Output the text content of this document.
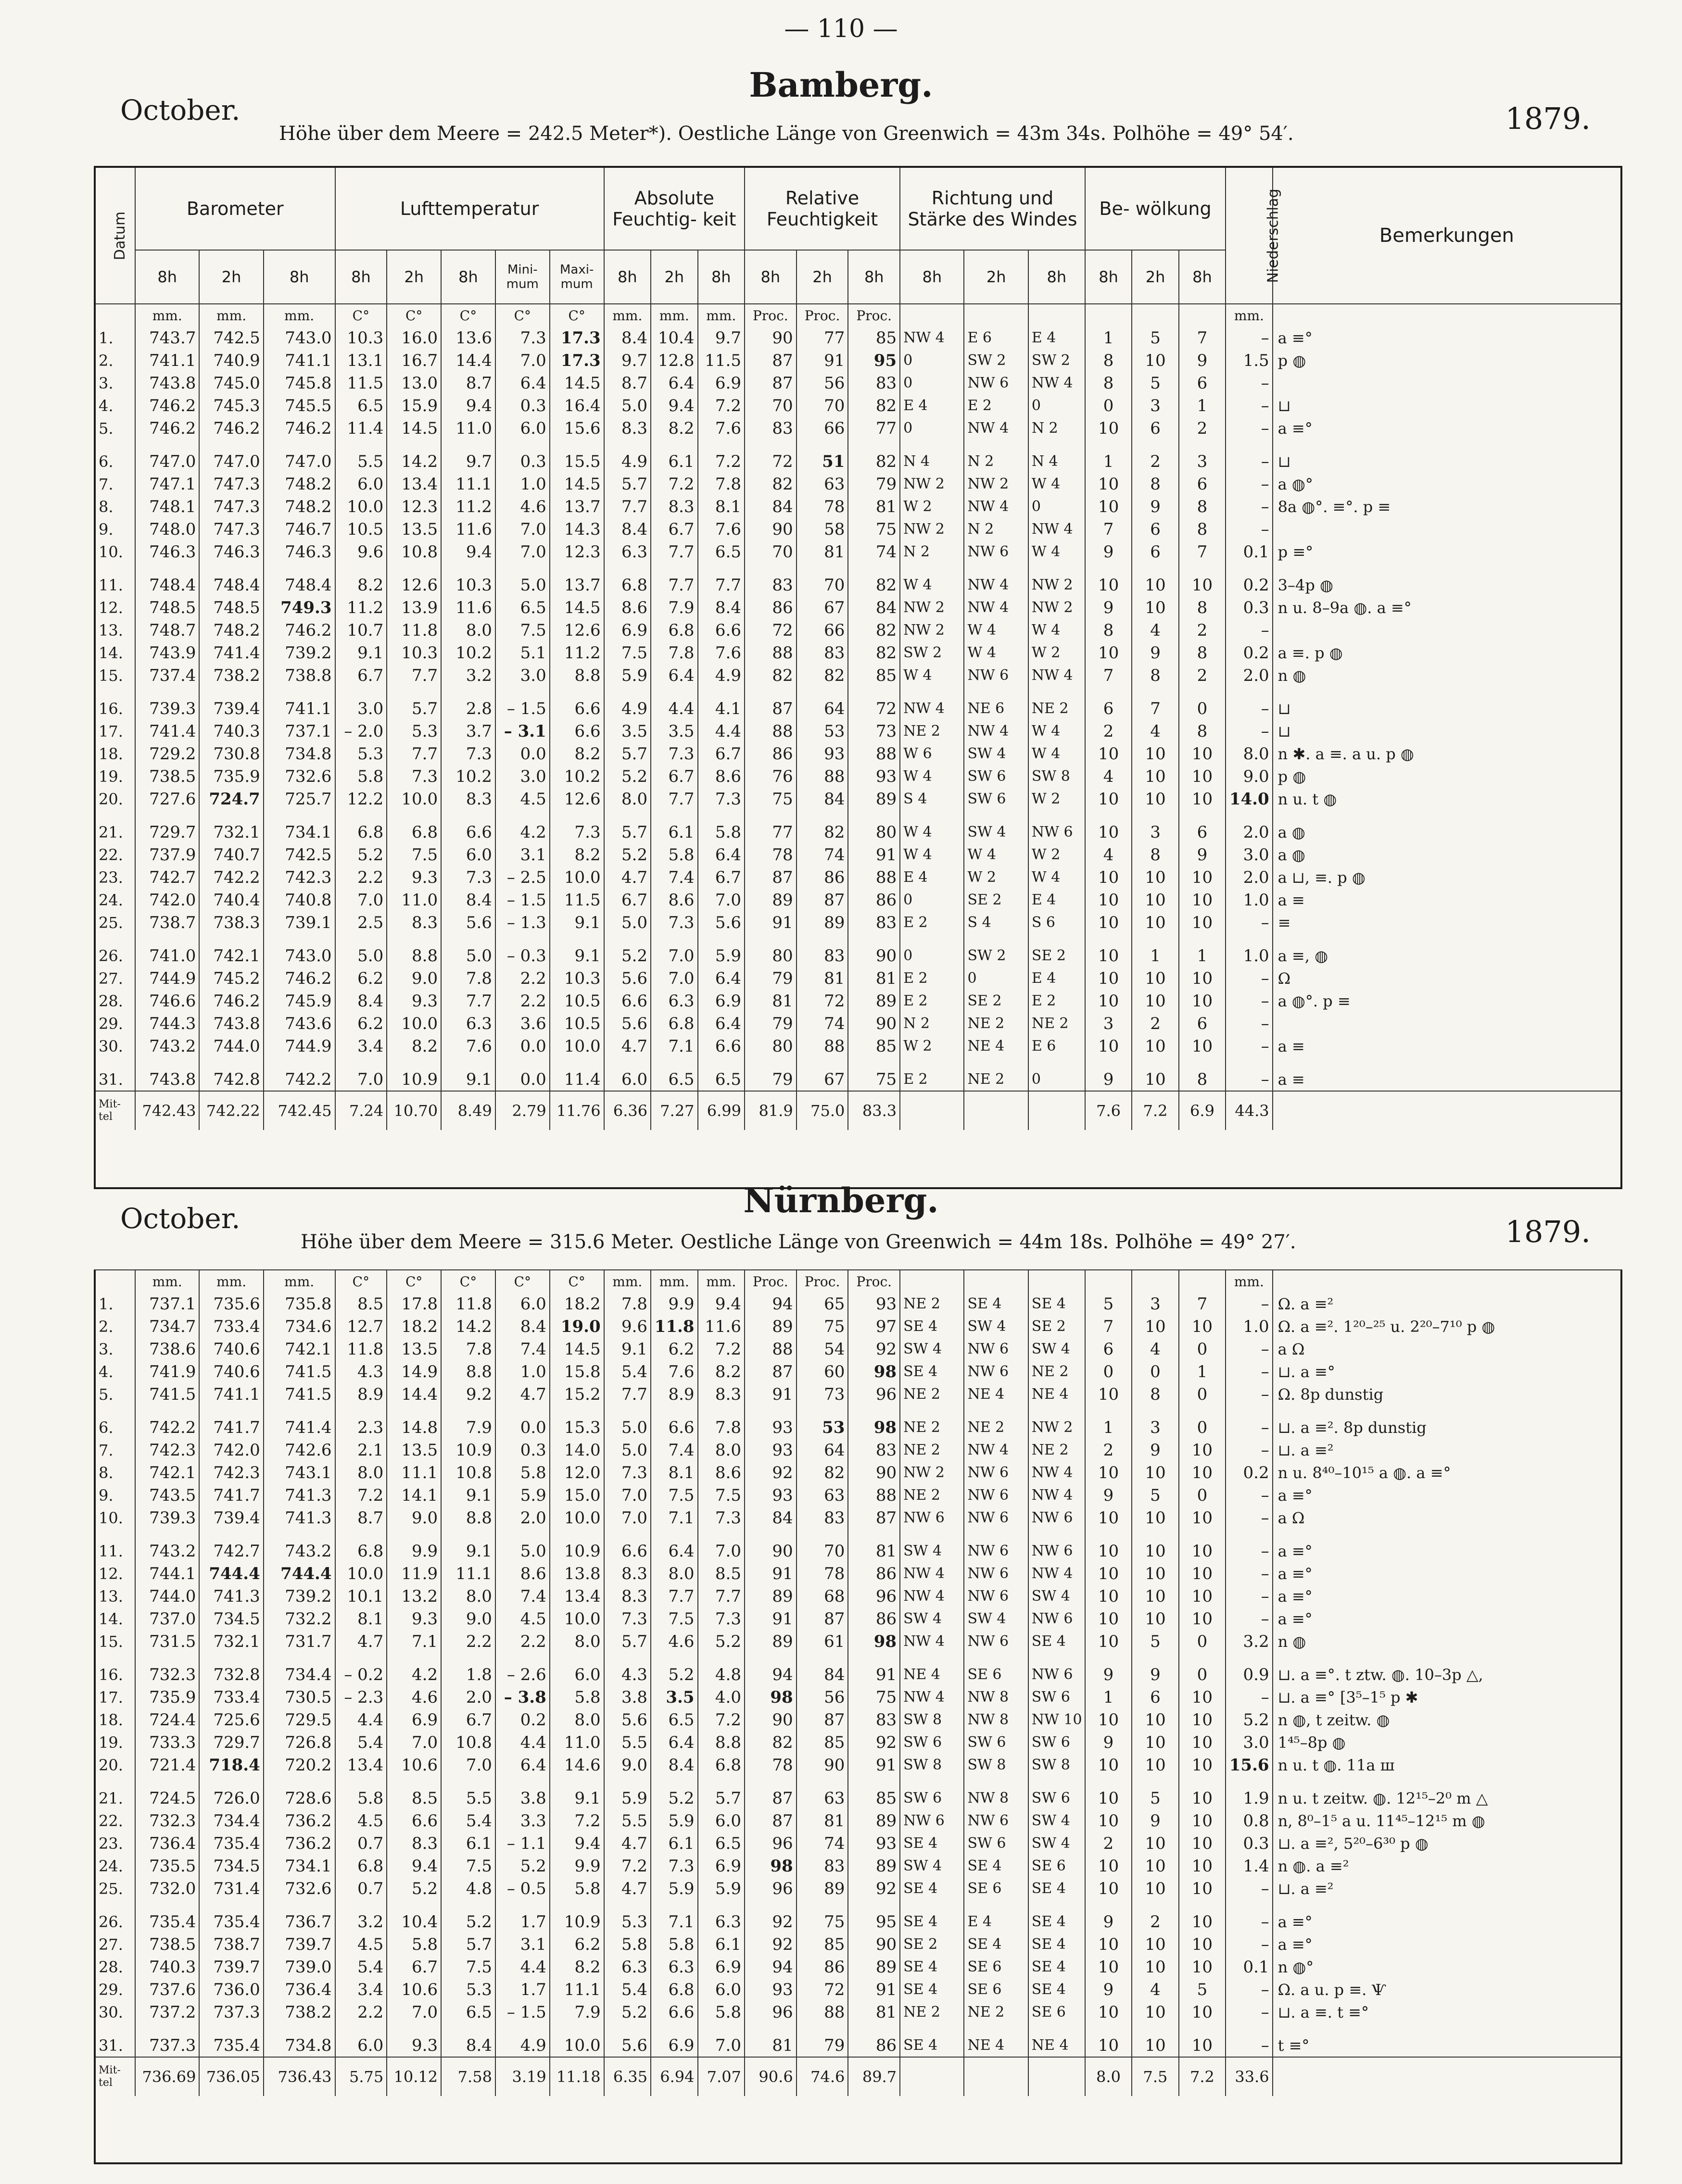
— 110 —
Bamberg.
October.	1879.
Höhe über dem Meere = 242.5 Meter*). Oestliche Länge von Greenwich = 43m 34s. Polhöhe = 49° 54′.
Datum	Barometer			Lufttemperatur					Absolute Feuchtig- keit			Relative Feuchtigkeit			Richtung und Stärke des Windes			Be- wölkung			Niederschlag	Bemerkungen
	8h	2h	8h	8h	2h	8h	Mini- mum	Maxi- mum	8h	2h	8h	8h	2h	8h	8h	2h	8h	8h	2h	8h		
	mm.	mm.	mm.	C°	C°	C°	C°	C°	mm.	mm.	mm.	Proc.	Proc.	Proc.							mm.	
1.	743.7	742.5	743.0	10.3	16.0	13.6	7.3	17.3	8.4	10.4	9.7	90	77	85	NW 4	E 6	E 4	1	5	7	–	a ≡°
2.	741.1	740.9	741.1	13.1	16.7	14.4	7.0	17.3	9.7	12.8	11.5	87	91	95	0	SW 2	SW 2	8	10	9	1.5	p ◍
3.	743.8	745.0	745.8	11.5	13.0	8.7	6.4	14.5	8.7	6.4	6.9	87	56	83	0	NW 6	NW 4	8	5	6	–	
4.	746.2	745.3	745.5	6.5	15.9	9.4	0.3	16.4	5.0	9.4	7.2	70	70	82	E 4	E 2	0	0	3	1	–	⊔
5.	746.2	746.2	746.2	11.4	14.5	11.0	6.0	15.6	8.3	8.2	7.6	83	66	77	0	NW 4	N 2	10	6	2	–	a ≡°
6.	747.0	747.0	747.0	5.5	14.2	9.7	0.3	15.5	4.9	6.1	7.2	72	51	82	N 4	N 2	N 4	1	2	3	–	⊔
7.	747.1	747.3	748.2	6.0	13.4	11.1	1.0	14.5	5.7	7.2	7.8	82	63	79	NW 2	NW 2	W 4	10	8	6	–	a ◍°
8.	748.1	747.3	748.2	10.0	12.3	11.2	4.6	13.7	7.7	8.3	8.1	84	78	81	W 2	NW 4	0	10	9	8	–	8a ◍°. ≡°. p ≡
9.	748.0	747.3	746.7	10.5	13.5	11.6	7.0	14.3	8.4	6.7	7.6	90	58	75	NW 2	N 2	NW 4	7	6	8	–	
10.	746.3	746.3	746.3	9.6	10.8	9.4	7.0	12.3	6.3	7.7	6.5	70	81	74	N 2	NW 6	W 4	9	6	7	0.1	p ≡°
11.	748.4	748.4	748.4	8.2	12.6	10.3	5.0	13.7	6.8	7.7	7.7	83	70	82	W 4	NW 4	NW 2	10	10	10	0.2	3–4p ◍
12.	748.5	748.5	749.3	11.2	13.9	11.6	6.5	14.5	8.6	7.9	8.4	86	67	84	NW 2	NW 4	NW 2	9	10	8	0.3	n u. 8–9a ◍. a ≡°
13.	748.7	748.2	746.2	10.7	11.8	8.0	7.5	12.6	6.9	6.8	6.6	72	66	82	NW 2	W 4	W 4	8	4	2	–	
14.	743.9	741.4	739.2	9.1	10.3	10.2	5.1	11.2	7.5	7.8	7.6	88	83	82	SW 2	W 4	W 2	10	9	8	0.2	a ≡. p ◍
15.	737.4	738.2	738.8	6.7	7.7	3.2	3.0	8.8	5.9	6.4	4.9	82	82	85	W 4	NW 6	NW 4	7	8	2	2.0	n ◍
16.	739.3	739.4	741.1	3.0	5.7	2.8	– 1.5	6.6	4.9	4.4	4.1	87	64	72	NW 4	NE 6	NE 2	6	7	0	–	⊔
17.	741.4	740.3	737.1	– 2.0	5.3	3.7	– 3.1	6.6	3.5	3.5	4.4	88	53	73	NE 2	NW 4	W 4	2	4	8	–	⊔
18.	729.2	730.8	734.8	5.3	7.7	7.3	0.0	8.2	5.7	7.3	6.7	86	93	88	W 6	SW 4	W 4	10	10	10	8.0	n ✱. a ≡. a u. p ◍
19.	738.5	735.9	732.6	5.8	7.3	10.2	3.0	10.2	5.2	6.7	8.6	76	88	93	W 4	SW 6	SW 8	4	10	10	9.0	p ◍
20.	727.6	724.7	725.7	12.2	10.0	8.3	4.5	12.6	8.0	7.7	7.3	75	84	89	S 4	SW 6	W 2	10	10	10	14.0	n u. t ◍
21.	729.7	732.1	734.1	6.8	6.8	6.6	4.2	7.3	5.7	6.1	5.8	77	82	80	W 4	SW 4	NW 6	10	3	6	2.0	a ◍
22.	737.9	740.7	742.5	5.2	7.5	6.0	3.1	8.2	5.2	5.8	6.4	78	74	91	W 4	W 4	W 2	4	8	9	3.0	a ◍
23.	742.7	742.2	742.3	2.2	9.3	7.3	– 2.5	10.0	4.7	7.4	6.7	87	86	88	E 4	W 2	W 4	10	10	10	2.0	a ⊔, ≡. p ◍
24.	742.0	740.4	740.8	7.0	11.0	8.4	– 1.5	11.5	6.7	8.6	7.0	89	87	86	0	SE 2	E 4	10	10	10	1.0	a ≡
25.	738.7	738.3	739.1	2.5	8.3	5.6	– 1.3	9.1	5.0	7.3	5.6	91	89	83	E 2	S 4	S 6	10	10	10	–	≡
26.	741.0	742.1	743.0	5.0	8.8	5.0	– 0.3	9.1	5.2	7.0	5.9	80	83	90	0	SW 2	SE 2	10	1	1	1.0	a ≡, ◍
27.	744.9	745.2	746.2	6.2	9.0	7.8	2.2	10.3	5.6	7.0	6.4	79	81	81	E 2	0	E 4	10	10	10	–	Ω
28.	746.6	746.2	745.9	8.4	9.3	7.7	2.2	10.5	6.6	6.3	6.9	81	72	89	E 2	SE 2	E 2	10	10	10	–	a ◍°. p ≡
29.	744.3	743.8	743.6	6.2	10.0	6.3	3.6	10.5	5.6	6.8	6.4	79	74	90	N 2	NE 2	NE 2	3	2	6	–	
30.	743.2	744.0	744.9	3.4	8.2	7.6	0.0	10.0	4.7	7.1	6.6	80	88	85	W 2	NE 4	E 6	10	10	10	–	a ≡
31.	743.8	742.8	742.2	7.0	10.9	9.1	0.0	11.4	6.0	6.5	6.5	79	67	75	E 2	NE 2	0	9	10	8	–	a ≡
Mit- tel	742.43	742.22	742.45	7.24	10.70	8.49	2.79	11.76	6.36	7.27	6.99	81.9	75.0	83.3				7.6	7.2	6.9	44.3	
Nürnberg.
October.	1879.
Höhe über dem Meere = 315.6 Meter. Oestliche Länge von Greenwich = 44m 18s. Polhöhe = 49° 27′.
	mm.	mm.	mm.	C°	C°	C°	C°	C°	mm.	mm.	mm.	Proc.	Proc.	Proc.							mm.	
1.	737.1	735.6	735.8	8.5	17.8	11.8	6.0	18.2	7.8	9.9	9.4	94	65	93	NE 2	SE 4	SE 4	5	3	7	–	Ω. a ≡²
2.	734.7	733.4	734.6	12.7	18.2	14.2	8.4	19.0	9.6	11.8	11.6	89	75	97	SE 4	SW 4	SE 2	7	10	10	1.0	Ω. a ≡². 1²⁰–²⁵ u. 2²⁰–7¹⁰ p ◍
3.	738.6	740.6	742.1	11.8	13.5	7.8	7.4	14.5	9.1	6.2	7.2	88	54	92	SW 4	NW 6	SW 4	6	4	0	–	a Ω
4.	741.9	740.6	741.5	4.3	14.9	8.8	1.0	15.8	5.4	7.6	8.2	87	60	98	SE 4	NW 6	NE 2	0	0	1	–	⊔. a ≡°
5.	741.5	741.1	741.5	8.9	14.4	9.2	4.7	15.2	7.7	8.9	8.3	91	73	96	NE 2	NE 4	NE 4	10	8	0	–	Ω. 8p dunstig
6.	742.2	741.7	741.4	2.3	14.8	7.9	0.0	15.3	5.0	6.6	7.8	93	53	98	NE 2	NE 2	NW 2	1	3	0	–	⊔. a ≡². 8p dunstig
7.	742.3	742.0	742.6	2.1	13.5	10.9	0.3	14.0	5.0	7.4	8.0	93	64	83	NE 2	NW 4	NE 2	2	9	10	–	⊔. a ≡²
8.	742.1	742.3	743.1	8.0	11.1	10.8	5.8	12.0	7.3	8.1	8.6	92	82	90	NW 2	NW 6	NW 4	10	10	10	0.2	n u. 8⁴⁰–10¹⁵ a ◍. a ≡°
9.	743.5	741.7	741.3	7.2	14.1	9.1	5.9	15.0	7.0	7.5	7.5	93	63	88	NE 2	NW 6	NW 4	9	5	0	–	a ≡°
10.	739.3	739.4	741.3	8.7	9.0	8.8	2.0	10.0	7.0	7.1	7.3	84	83	87	NW 6	NW 6	NW 6	10	10	10	–	a Ω
11.	743.2	742.7	743.2	6.8	9.9	9.1	5.0	10.9	6.6	6.4	7.0	90	70	81	SW 4	NW 6	NW 6	10	10	10	–	a ≡°
12.	744.1	744.4	744.4	10.0	11.9	11.1	8.6	13.8	8.3	8.0	8.5	91	78	86	NW 4	NW 6	NW 4	10	10	10	–	a ≡°
13.	744.0	741.3	739.2	10.1	13.2	8.0	7.4	13.4	8.3	7.7	7.7	89	68	96	NW 4	NW 6	SW 4	10	10	10	–	a ≡°
14.	737.0	734.5	732.2	8.1	9.3	9.0	4.5	10.0	7.3	7.5	7.3	91	87	86	SW 4	SW 4	NW 6	10	10	10	–	a ≡°
15.	731.5	732.1	731.7	4.7	7.1	2.2	2.2	8.0	5.7	4.6	5.2	89	61	98	NW 4	NW 6	SE 4	10	5	0	3.2	n ◍
16.	732.3	732.8	734.4	– 0.2	4.2	1.8	– 2.6	6.0	4.3	5.2	4.8	94	84	91	NE 4	SE 6	NW 6	9	9	0	0.9	⊔. a ≡°. t ztw. ◍. 10–3p △,
17.	735.9	733.4	730.5	– 2.3	4.6	2.0	– 3.8	5.8	3.8	3.5	4.0	98	56	75	NW 4	NW 8	SW 6	1	6	10	–	⊔. a ≡° [3⁵–1⁵ p ✱
18.	724.4	725.6	729.5	4.4	6.9	6.7	0.2	8.0	5.6	6.5	7.2	90	87	83	SW 8	NW 8	NW 10	10	10	10	5.2	n ◍, t zeitw. ◍
19.	733.3	729.7	726.8	5.4	7.0	10.8	4.4	11.0	5.5	6.4	8.8	82	85	92	SW 6	SW 6	SW 6	9	10	10	3.0	1⁴⁵–8p ◍
20.	721.4	718.4	720.2	13.4	10.6	7.0	6.4	14.6	9.0	8.4	6.8	78	90	91	SW 8	SW 8	SW 8	10	10	10	15.6	n u. t ◍. 11a ш
21.	724.5	726.0	728.6	5.8	8.5	5.5	3.8	9.1	5.9	5.2	5.7	87	63	85	SW 6	NW 8	SW 6	10	5	10	1.9	n u. t zeitw. ◍. 12¹⁵–2⁰ m △
22.	732.3	734.4	736.2	4.5	6.6	5.4	3.3	7.2	5.5	5.9	6.0	87	81	89	NW 6	NW 6	SW 4	10	9	10	0.8	n, 8⁰–1⁵ a u. 11⁴⁵–12¹⁵ m ◍
23.	736.4	735.4	736.2	0.7	8.3	6.1	– 1.1	9.4	4.7	6.1	6.5	96	74	93	SE 4	SW 6	SW 4	2	10	10	0.3	⊔. a ≡², 5²⁰–6³⁰ p ◍
24.	735.5	734.5	734.1	6.8	9.4	7.5	5.2	9.9	7.2	7.3	6.9	98	83	89	SW 4	SE 4	SE 6	10	10	10	1.4	n ◍. a ≡²
25.	732.0	731.4	732.6	0.7	5.2	4.8	– 0.5	5.8	4.7	5.9	5.9	96	89	92	SE 4	SE 6	SE 4	10	10	10	–	⊔. a ≡²
26.	735.4	735.4	736.7	3.2	10.4	5.2	1.7	10.9	5.3	7.1	6.3	92	75	95	SE 4	E 4	SE 4	9	2	10	–	a ≡°
27.	738.5	738.7	739.7	4.5	5.8	5.7	3.1	6.2	5.8	5.8	6.1	92	85	90	SE 2	SE 4	SE 4	10	10	10	–	a ≡°
28.	740.3	739.7	739.0	5.4	6.7	7.5	4.4	8.2	6.3	6.3	6.9	94	86	89	SE 4	SE 6	SE 4	10	10	10	0.1	n ◍°
29.	737.6	736.0	736.4	3.4	10.6	5.3	1.7	11.1	5.4	6.8	6.0	93	72	91	SE 4	SE 6	SE 4	9	4	5	–	Ω. a u. p ≡. Ѱ
30.	737.2	737.3	738.2	2.2	7.0	6.5	– 1.5	7.9	5.2	6.6	5.8	96	88	81	NE 2	NE 2	SE 6	10	10	10	–	⊔. a ≡. t ≡°
31.	737.3	735.4	734.8	6.0	9.3	8.4	4.9	10.0	5.6	6.9	7.0	81	79	86	SE 4	NE 4	NE 4	10	10	10	–	t ≡°
Mit- tel	736.69	736.05	736.43	5.75	10.12	7.58	3.19	11.18	6.35	6.94	7.07	90.6	74.6	89.7				8.0	7.5	7.2	33.6	
